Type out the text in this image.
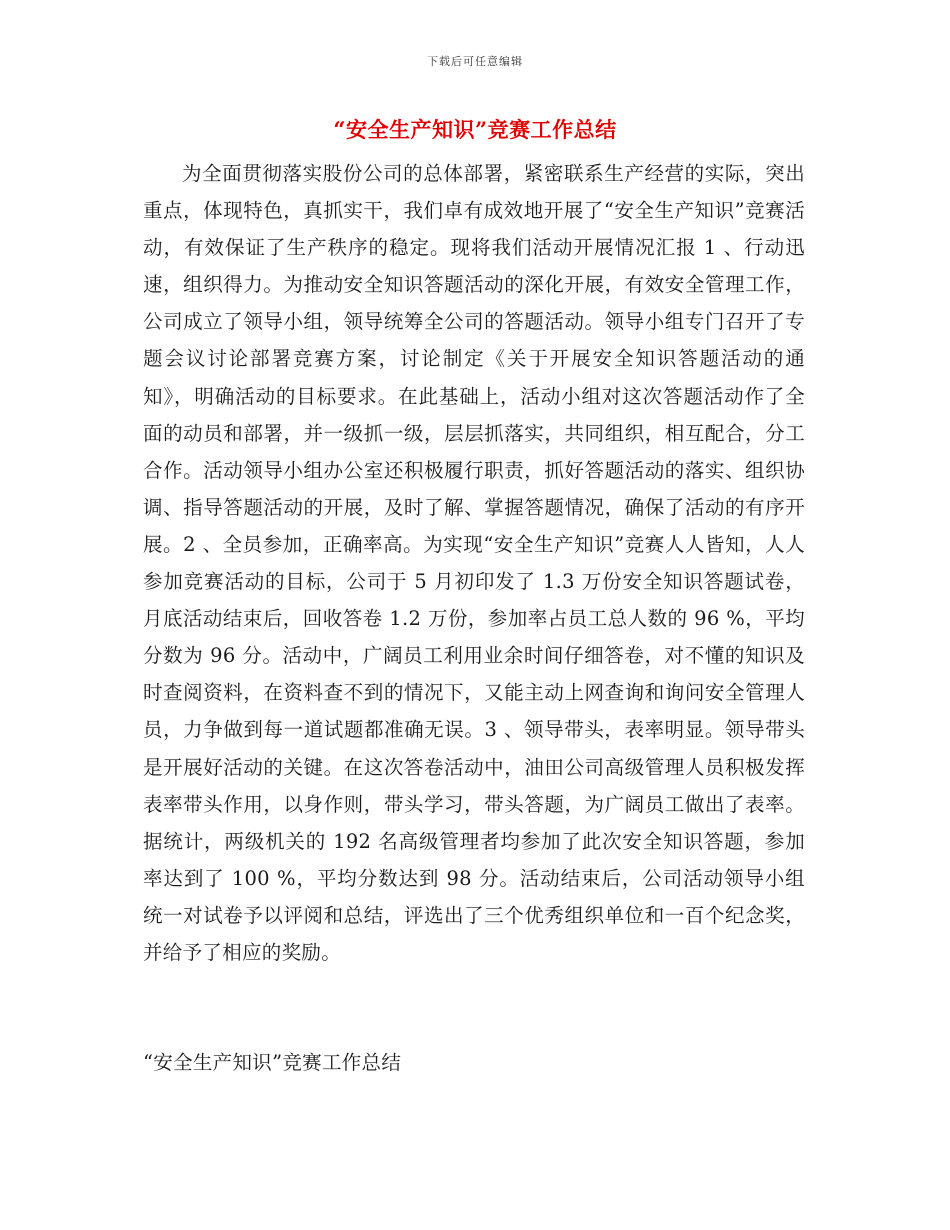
下载后可任意编辑
“安全生产知识”竞赛工作总结

为全面贯彻落实股份公司的总体部署，紧密联系生产经营的实际，突出重点，体现特色，真抓实干，我们卓有成效地开展了“安全生产知识”竞赛活动，有效保证了生产秩序的稳定。现将我们活动开展情况汇报 1 、行动迅速，组织得力。为推动安全知识答题活动的深化开展，有效安全管理工作，公司成立了领导小组，领导统筹全公司的答题活动。领导小组专门召开了专题会议讨论部署竞赛方案，讨论制定《关于开展安全知识答题活动的通知》，明确活动的目标要求。在此基础上，活动小组对这次答题活动作了全面的动员和部署，并一级抓一级，层层抓落实，共同组织，相互配合，分工合作。活动领导小组办公室还积极履行职责，抓好答题活动的落实、组织协调、指导答题活动的开展，及时了解、掌握答题情况，确保了活动的有序开展。2 、全员参加，正确率高。为实现“安全生产知识”竞赛人人皆知，人人参加竞赛活动的目标，公司于 5 月初印发了 1.3 万份安全知识答题试卷，月底活动结束后，回收答卷 1.2 万份，参加率占员工总人数的 96 %，平均分数为 96 分。活动中，广阔员工利用业余时间仔细答卷，对不懂的知识及时查阅资料，在资料查不到的情况下，又能主动上网查询和询问安全管理人员，力争做到每一道试题都准确无误。3 、领导带头，表率明显。领导带头是开展好活动的关键。在这次答卷活动中，油田公司高级管理人员积极发挥表率带头作用，以身作则，带头学习，带头答题，为广阔员工做出了表率。据统计，两级机关的 192 名高级管理者均参加了此次安全知识答题，参加率达到了 100 %，平均分数达到 98 分。活动结束后，公司活动领导小组统一对试卷予以评阅和总结，评选出了三个优秀组织单位和一百个纪念奖，并给予了相应的奖励。

“安全生产知识”竞赛工作总结
